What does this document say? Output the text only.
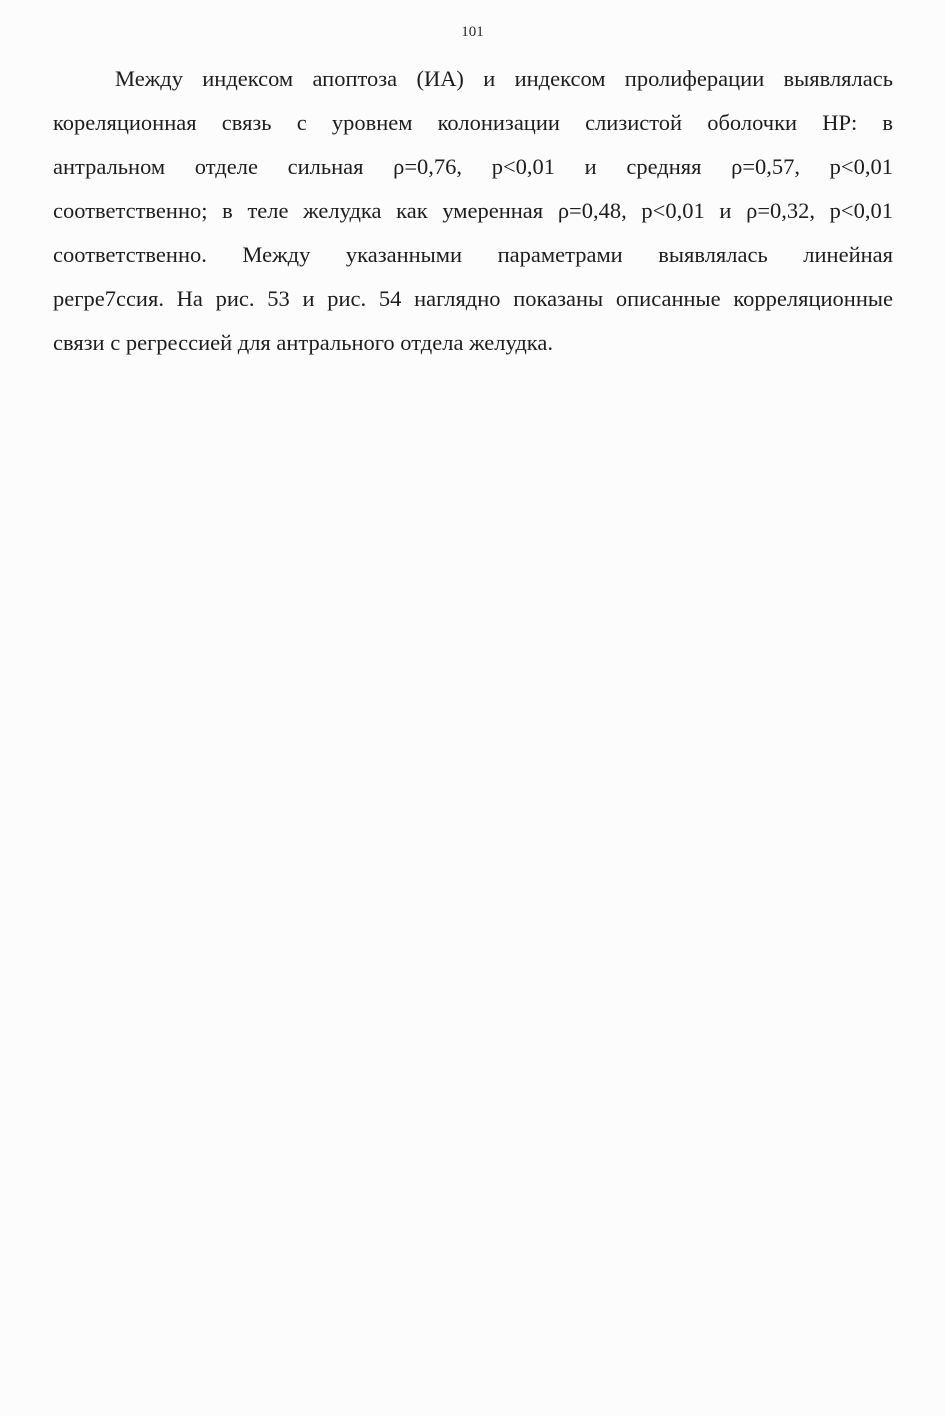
101
Между индексом апоптоза (ИА) и индексом пролиферации выявлялась
кореляционная связь с уровнем колонизации слизистой оболочки HP: в
антральном отделе сильная ρ=0,76, p<0,01 и средняя ρ=0,57, p<0,01
соответственно; в теле желудка как умеренная ρ=0,48, p<0,01 и ρ=0,32, p<0,01
соответственно. Между указанными параметрами выявлялась линейная
регре7ссия. На рис. 53 и рис. 54 наглядно показаны описанные корреляционные
связи с регрессией для антрального отдела желудка.
